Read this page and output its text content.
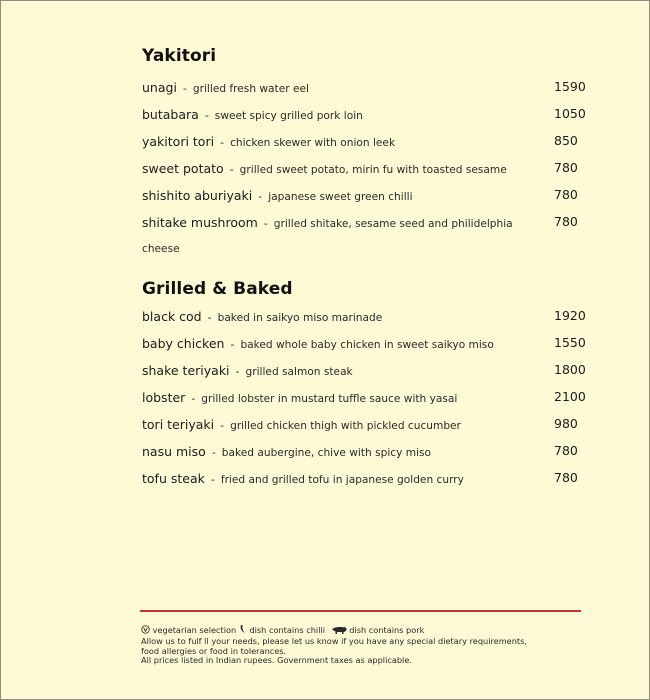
Yakitori
unagi - grilled fresh water eel	1590
butabara - sweet spicy grilled pork loin	1050
yakitori tori - chicken skewer with onion leek	850
sweet potato - grilled sweet potato, mirin fu with toasted sesame	780
shishito aburiyaki - japanese sweet green chilli	780
shitake mushroom - grilled shitake, sesame seed and philidelphia	780
cheese
Grilled & Baked
black cod - baked in saikyo miso marinade	1920
baby chicken - baked whole baby chicken in sweet saikyo miso	1550
shake teriyaki - grilled salmon steak	1800
lobster - grilled lobster in mustard tuffle sauce with yasai	2100
tori teriyaki - grilled chicken thigh with pickled cucumber	980
nasu miso - baked aubergine, chive with spicy miso	780
tofu steak - fried and grilled tofu in japanese golden curry	780
vegetarian selection dish contains chilli	dish contains pork
Allow us to fulf ll your needs, please let us know if you have any special dietary requirements,
food allergies or food in tolerances.
All prices listed in Indian rupees. Government taxes as applicable.
